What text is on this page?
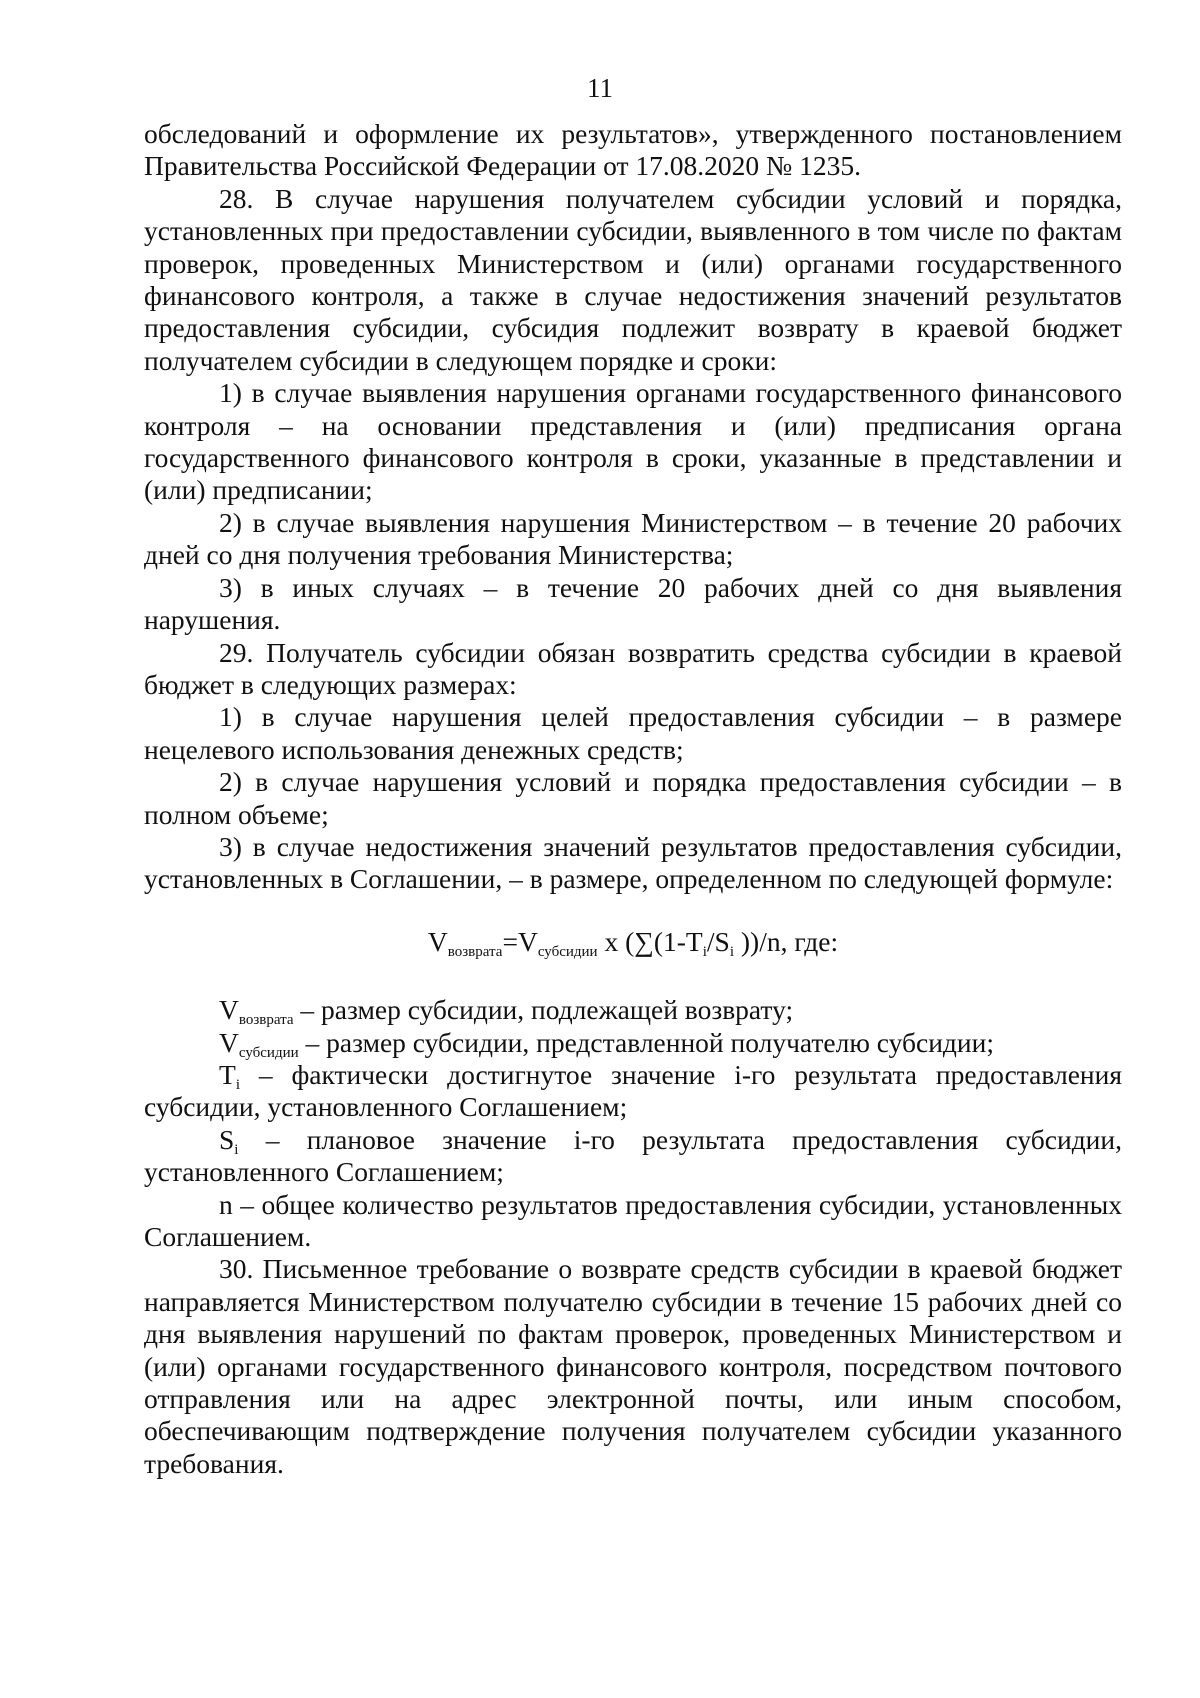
11

обследований и оформление их результатов», утвержденного постановлением Правительства Российской Федерации от 17.08.2020 № 1235.

28. В случае нарушения получателем субсидии условий и порядка, установленных при предоставлении субсидии, выявленного в том числе по фактам проверок, проведенных Министерством и (или) органами государственного финансового контроля, а также в случае недостижения значений результатов предоставления субсидии, субсидия подлежит возврату в краевой бюджет получателем субсидии в следующем порядке и сроки:

1) в случае выявления нарушения органами государственного финансового контроля – на основании представления и (или) предписания органа государственного финансового контроля в сроки, указанные в представлении и (или) предписании;

2) в случае выявления нарушения Министерством – в течение 20 рабочих дней со дня получения требования Министерства;

3) в иных случаях – в течение 20 рабочих дней со дня выявления нарушения.

29. Получатель субсидии обязан возвратить средства субсидии в краевой бюджет в следующих размерах:

1) в случае нарушения целей предоставления субсидии – в размере нецелевого использования денежных средств;

2) в случае нарушения условий и порядка предоставления субсидии – в полном объеме;

3) в случае недостижения значений результатов предоставления субсидии, установленных в Соглашении, – в размере, определенном по следующей формуле:

$V_{возврата}=V_{субсидии}$ x ($\sum(1-T_i/S_i$ ))/n, где:

$V_{возврата}$ – размер субсидии, подлежащей возврату;

$V_{субсидии}$ – размер субсидии, представленной получателю субсидии;

$T_i$ – фактически достигнутое значение i-го результата предоставления субсидии, установленного Соглашением;

$S_i$ – плановое значение i-го результата предоставления субсидии, установленного Соглашением;

n – общее количество результатов предоставления субсидии, установленных Соглашением.

30. Письменное требование о возврате средств субсидии в краевой бюджет направляется Министерством получателю субсидии в течение 15 рабочих дней со дня выявления нарушений по фактам проверок, проведенных Министерством и (или) органами государственного финансового контроля, посредством почтового отправления или на адрес электронной почты, или иным способом, обеспечивающим подтверждение получения получателем субсидии указанного требования.
